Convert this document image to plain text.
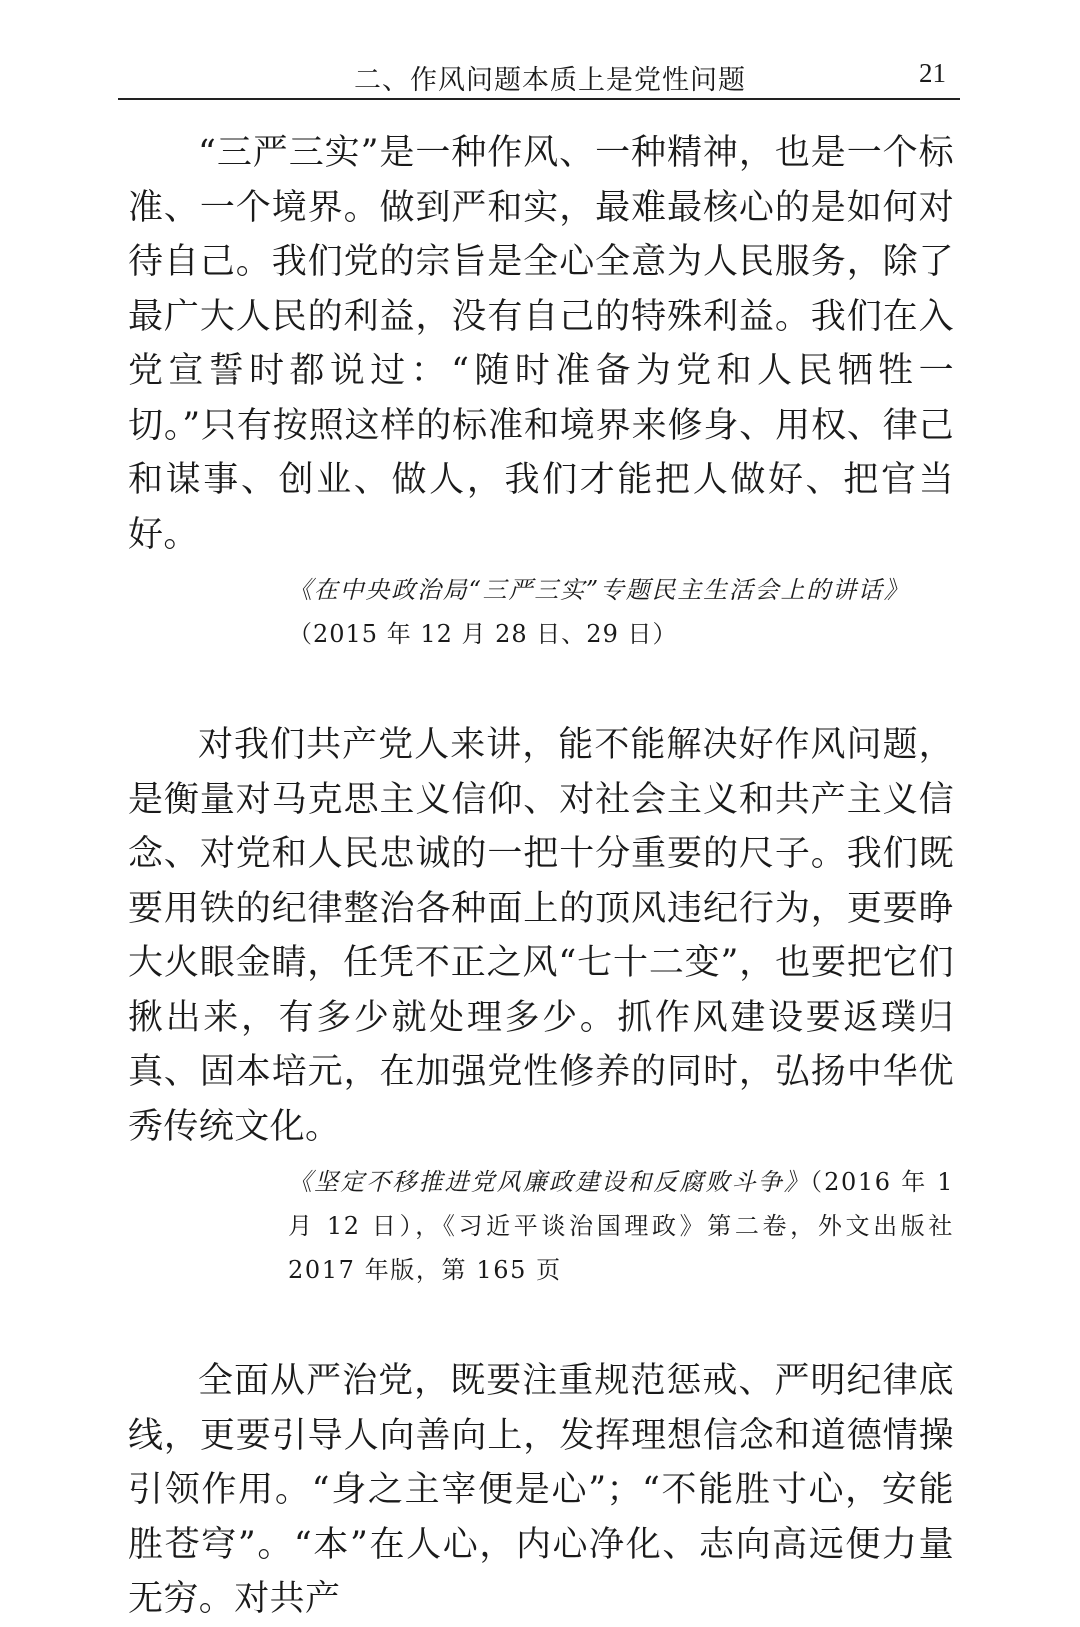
二、作风问题本质上是党性问题	21

“三严三实”是一种作风、一种精神，也是一个标准、一个境界。做到严和实，最难最核心的是如何对待自己。我们党的宗旨是全心全意为人民服务，除了最广大人民的利益，没有自己的特殊利益。我们在入党宣誓时都说过：“随时准备为党和人民牺牲一切。”只有按照这样的标准和境界来修身、用权、律己和谋事、创业、做人，我们才能把人做好、把官当好。

《在中央政治局“三严三实”专题民主生活会上的讲话》
（2015 年 12 月 28 日、29 日）

对我们共产党人来讲，能不能解决好作风问题，是衡量对马克思主义信仰、对社会主义和共产主义信念、对党和人民忠诚的一把十分重要的尺子。我们既要用铁的纪律整治各种面上的顶风违纪行为，更要睁大火眼金睛，任凭不正之风“七十二变”，也要把它们揪出来，有多少就处理多少。抓作风建设要返璞归真、固本培元，在加强党性修养的同时，弘扬中华优秀传统文化。

《坚定不移推进党风廉政建设和反腐败斗争》（2016 年 1 月 12 日），《习近平谈治国理政》第二卷，外文出版社 2017 年版，第 165 页

全面从严治党，既要注重规范惩戒、严明纪律底线，更要引导人向善向上，发挥理想信念和道德情操引领作用。“身之主宰便是心”；“不能胜寸心，安能胜苍穹”。“本”在人心，内心净化、志向高远便力量无穷。对共产
